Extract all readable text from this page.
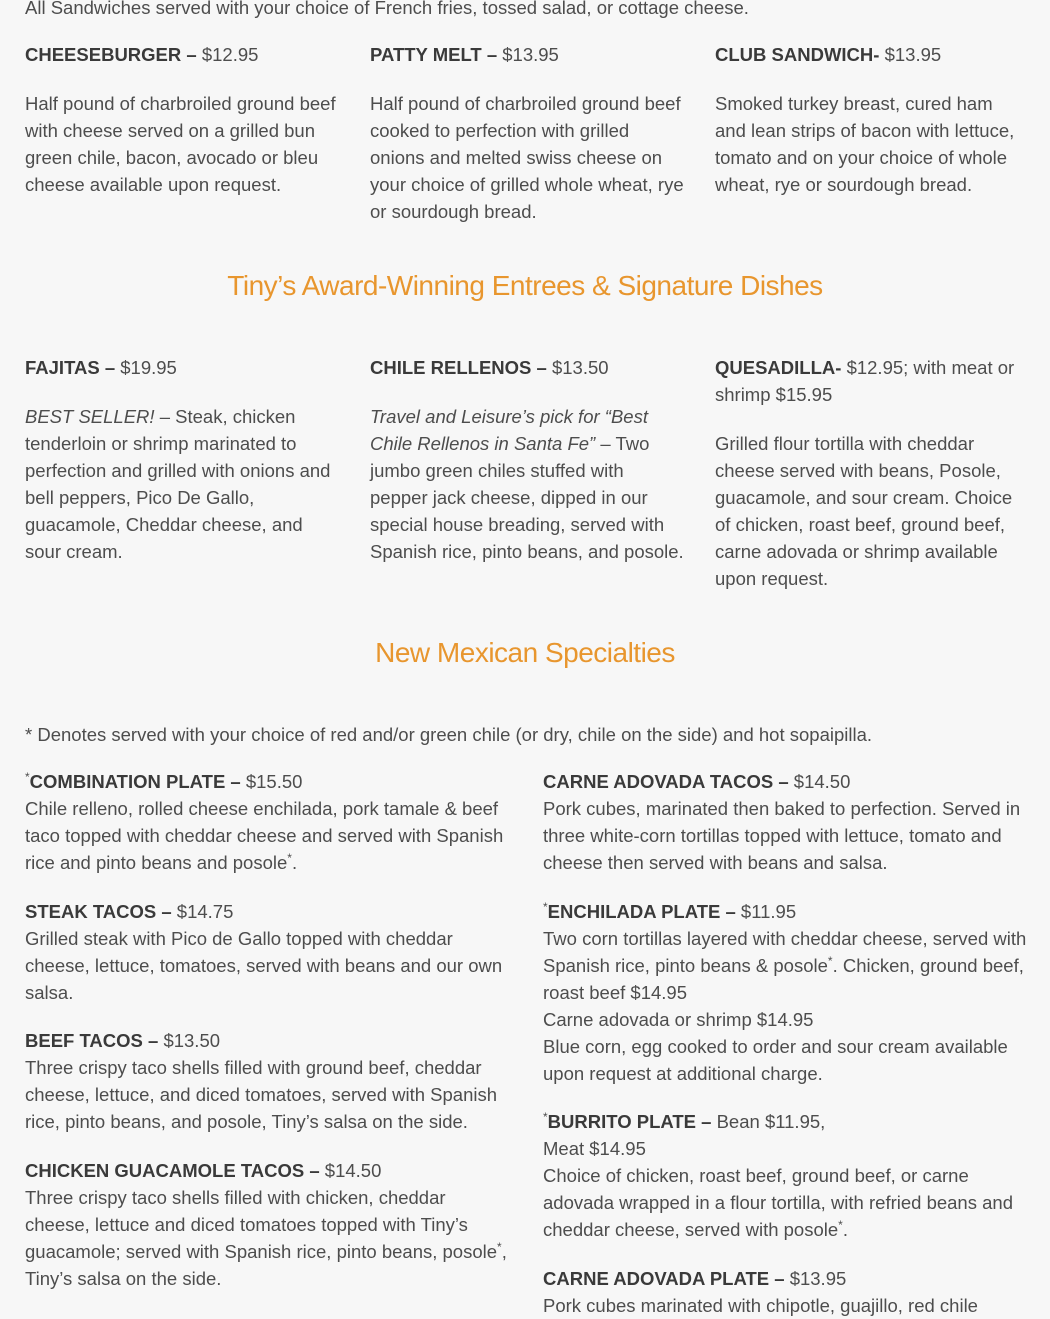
All Sandwiches served with your choice of French fries, tossed salad, or cottage cheese.

CHEESEBURGER – $12.95

Half pound of charbroiled ground beef with cheese served on a grilled bun green chile, bacon, avocado or bleu cheese available upon request.

PATTY MELT – $13.95

Half pound of charbroiled ground beef cooked to perfection with grilled onions and melted swiss cheese on your choice of grilled whole wheat, rye or sourdough bread.

CLUB SANDWICH- $13.95

Smoked turkey breast, cured ham and lean strips of bacon with lettuce, tomato and on your choice of whole wheat, rye or sourdough bread.

Tiny’s Award-Winning Entrees & Signature Dishes

FAJITAS – $19.95

BEST SELLER! – Steak, chicken tenderloin or shrimp marinated to perfection and grilled with onions and bell peppers, Pico De Gallo, guacamole, Cheddar cheese, and sour cream.

CHILE RELLENOS – $13.50

Travel and Leisure’s pick for “Best Chile Rellenos in Santa Fe” – Two jumbo green chiles stuffed with pepper jack cheese, dipped in our special house breading, served with Spanish rice, pinto beans, and posole.

QUESADILLA- $12.95; with meat or shrimp $15.95

Grilled flour tortilla with cheddar cheese served with beans, Posole, guacamole, and sour cream. Choice of chicken, roast beef, ground beef, carne adovada or shrimp available upon request.

New Mexican Specialties
* Denotes served with your choice of red and/or green chile (or dry, chile on the side) and hot sopaipilla.

*COMBINATION PLATE – $15.50

Chile relleno, rolled cheese enchilada, pork tamale & beef taco topped with cheddar cheese and served with Spanish rice and pinto beans and posole*.

STEAK TACOS – $14.75

Grilled steak with Pico de Gallo topped with cheddar cheese, lettuce, tomatoes, served with beans and our own salsa.

BEEF TACOS – $13.50

Three crispy taco shells filled with ground beef, cheddar cheese, lettuce, and diced tomatoes, served with Spanish rice, pinto beans, and posole, Tiny’s salsa on the side.

CHICKEN GUACAMOLE TACOS – $14.50

Three crispy taco shells filled with chicken, cheddar cheese, lettuce and diced tomatoes topped with Tiny’s guacamole; served with Spanish rice, pinto beans, posole*, Tiny’s salsa on the side.

CARNE ADOVADA TACOS – $14.50

Pork cubes, marinated then baked to perfection. Served in three white-corn tortillas topped with lettuce, tomato and cheese then served with beans and salsa.

*ENCHILADA PLATE – $11.95

Two corn tortillas layered with cheddar cheese, served with Spanish rice, pinto beans & posole*. Chicken, ground beef, roast beef $14.95

Carne adovada or shrimp $14.95

Blue corn, egg cooked to order and sour cream available upon request at additional charge.

*BURRITO PLATE – Bean $11.95,

Meat $14.95

Choice of chicken, roast beef, ground beef, or carne adovada wrapped in a flour tortilla, with refried beans and cheddar cheese, served with posole*.

CARNE ADOVADA PLATE – $13.95

Pork cubes marinated with chipotle, guajillo, red chile
